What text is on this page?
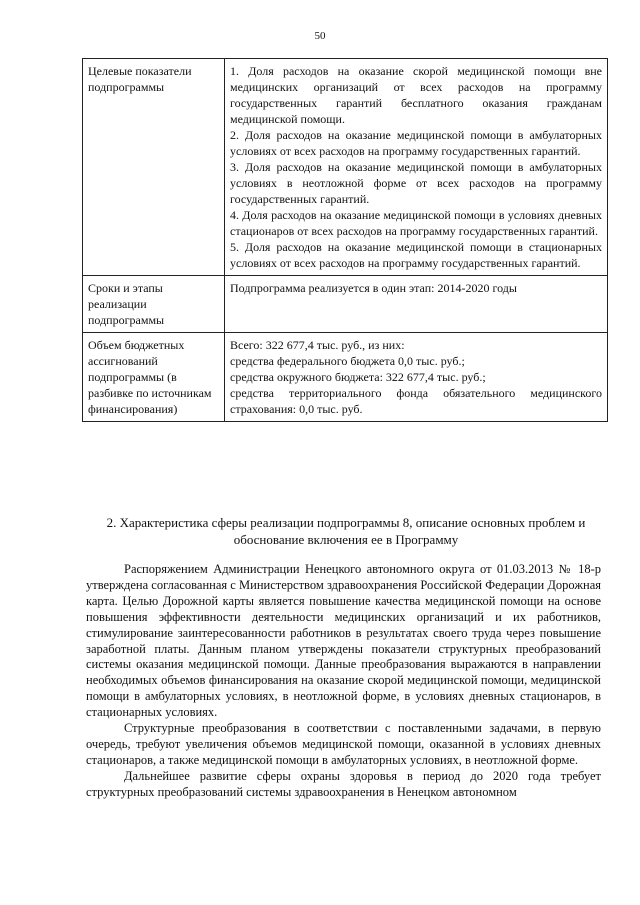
50
Целевые показатели подпрограммы	1. Доля расходов на оказание скорой медицинской помощи вне медицинских организаций от всех расходов на программу государственных гарантий бесплатного оказания гражданам медицинской помощи.
2. Доля расходов на оказание медицинской помощи в амбулаторных условиях от всех расходов на программу государственных гарантий.
3. Доля расходов на оказание медицинской помощи в амбулаторных условиях в неотложной форме от всех расходов на программу государственных гарантий.
4. Доля расходов на оказание медицинской помощи в условиях дневных стационаров от всех расходов на программу государственных гарантий.
5. Доля расходов на оказание медицинской помощи в стационарных условиях от всех расходов на программу государственных гарантий.

Сроки и этапы реализации подпрограммы	Подпрограмма реализуется в один этап: 2014-2020 годы

Объем бюджетных ассигнований подпрограммы (в разбивке по источникам финансирования)	Всего: 322 677,4 тыс. руб., из них:
средства федерального бюджета 0,0 тыс. руб.;
средства окружного бюджета: 322 677,4 тыс. руб.;
средства территориального фонда обязательного медицинского страхования: 0,0 тыс. руб.
2. Характеристика сферы реализации подпрограммы 8, описание основных проблем и обоснование включения ее в Программу

Распоряжением Администрации Ненецкого автономного округа от 01.03.2013 № 18-р утверждена согласованная с Министерством здравоохранения Российской Федерации Дорожная карта. Целью Дорожной карты является повышение качества медицинской помощи на основе повышения эффективности деятельности медицинских организаций и их работников, стимулирование заинтересованности работников в результатах своего труда через повышение заработной платы. Данным планом утверждены показатели структурных преобразований системы оказания медицинской помощи. Данные преобразования выражаются в направлении необходимых объемов финансирования на оказание скорой медицинской помощи, медицинской помощи в амбулаторных условиях, в неотложной форме, в условиях дневных стационаров, в стационарных условиях.

Структурные преобразования в соответствии с поставленными задачами, в первую очередь, требуют увеличения объемов медицинской помощи, оказанной в условиях дневных стационаров, а также медицинской помощи в амбулаторных условиях, в неотложной форме.

Дальнейшее развитие сферы охраны здоровья в период до 2020 года требует структурных преобразований системы здравоохранения в Ненецком автономном
